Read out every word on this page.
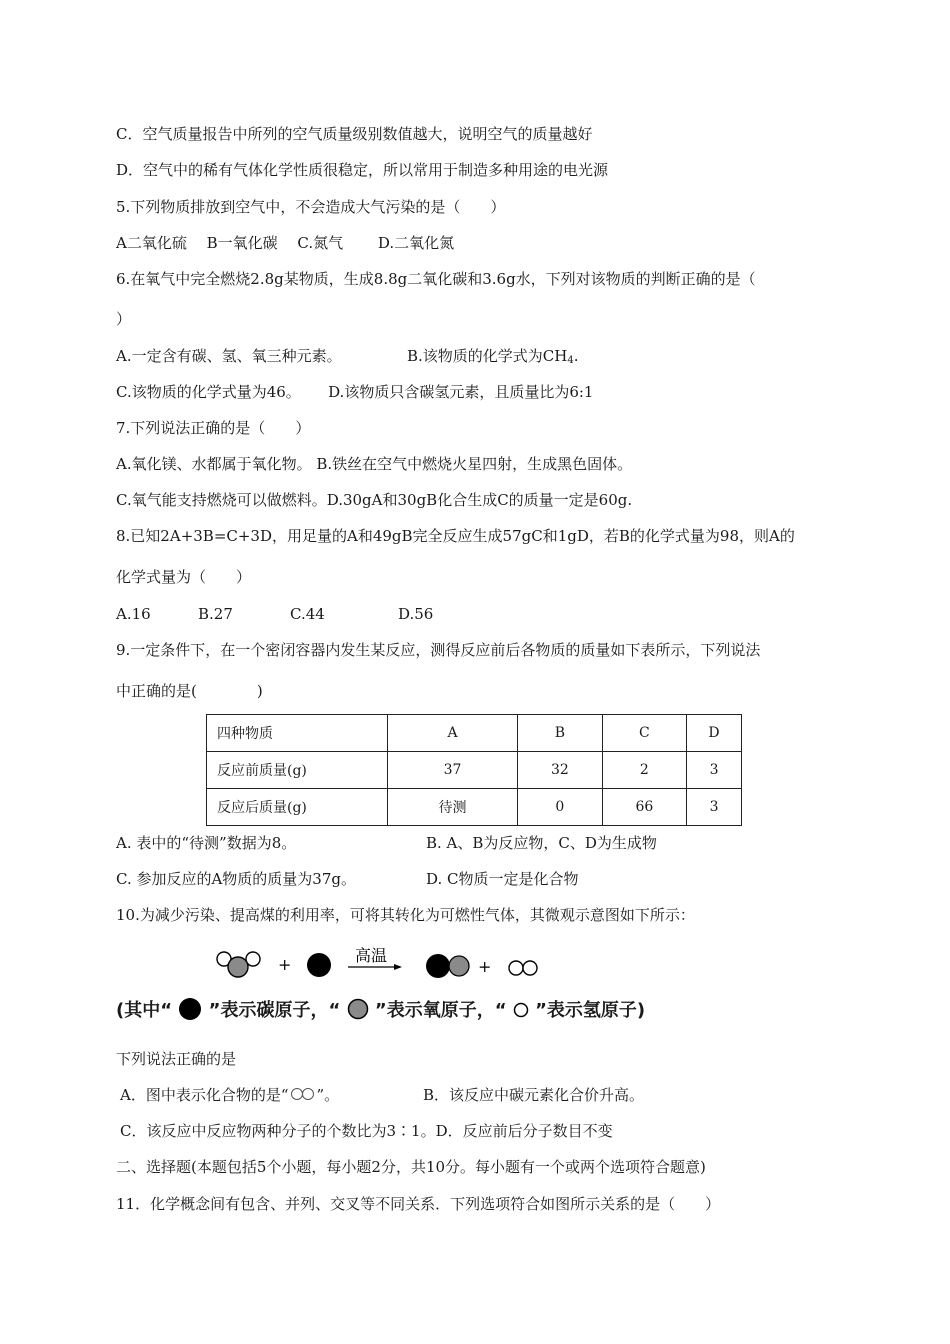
C．空气质量报告中所列的空气质量级别数值越大，说明空气的质量越好
D．空气中的稀有气体化学性质很稳定，所以常用于制造多种用途的电光源
5.下列物质排放到空气中，不会造成大气污染的是（　　）
A二氧化硫　 B一氧化碳　 C.氮气　　 D.二氧化氮
6.在氧气中完全燃烧2.8g某物质，生成8.8g二氧化碳和3.6g水，下列对该物质的判断正确的是（
）
A.一定含有碳、氢、氧三种元素。	B.该物质的化学式为$CH_4$.
C.该物质的化学式量为46。　　 D.该物质只含碳氢元素，且质量比为6:1
7.下列说法正确的是（　　）
A.氧化镁、水都属于氧化物。 B.铁丝在空气中燃烧火星四射，生成黑色固体。
C.氧气能支持燃烧可以做燃料。D.30gA和30gB化合生成C的质量一定是60g.
8.已知2A+3B=C+3D，用足量的A和49gB完全反应生成57gC和1gD，若B的化学式量为98，则A的
化学式量为（　　）
A.16	B.27	C.44	D.56
9.一定条件下，在一个密闭容器内发生某反应，测得反应前后各物质的质量如下表所示，下列说法
中正确的是(　　　　)
四种物质	A	B	C	D
反应前质量(g)	37	32	2	3
反应后质量(g)	待测	0	66	3
A. 表中的“待测”数据为8。	B. A、B为反应物，C、D为生成物
C. 参加反应的A物质的质量为37g。	D. C物质一定是化合物
10.为减少污染、提高煤的利用率，可将其转化为可燃性气体，其微观示意图如下所示：
+	高温
+
(其中“ ”表示碳原子，“ ”表示氧原子，“ ”表示氢原子)
下列说法正确的是
A．图中表示化合物的是“ ”。	B．该反应中碳元素化合价升高。
C．该反应中反应物两种分子的个数比为3∶1。D．反应前后分子数目不变
二、选择题(本题包括5个小题，每小题2分，共10分。每小题有一个或两个选项符合题意)
11．化学概念间有包含、并列、交叉等不同关系．下列选项符合如图所示关系的是（　　）
